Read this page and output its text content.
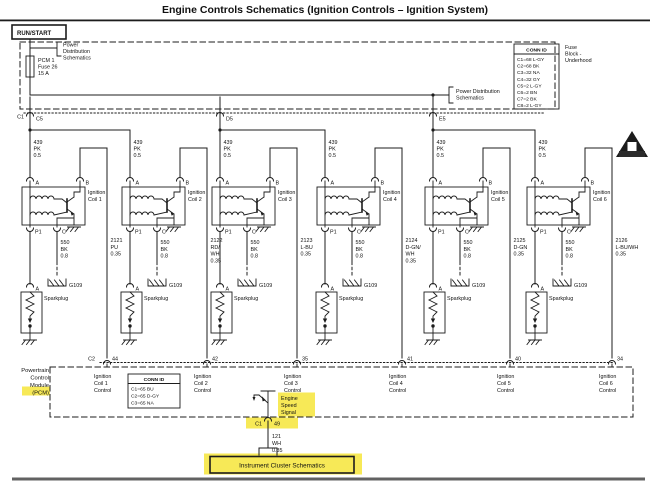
Engine Controls Schematics (Ignition Controls – Ignition System)
RUN/START
Power
Distribution
Schematics
PCM 1
Fuse 26
15 A
Power Distribution
Schematics
CONN ID
C1=68 L-GY
C2=68 BK
C3=32 NA
C4=32 GY
C5=2 L-GY
C6=2 BN
C7=2 BK
C8=2 L-GY
Fuse
Block -
Underhood
C1 C5	D5	E5
439
PK
0.5
A	B
Ignition
Coil 1
P1	C
550
BK
0.8
G109
A
Sparkplug
2121
PU
0.35
44
Ignition
Coil 1
Control
439
PK
0.5
A	B
Ignition
Coil 2
P1	C
550
BK
0.8
G109
A
Sparkplug
2122
RD/
WH
0.35
42
Ignition
Coil 2
Control
439
PK
0.5
A	B
Ignition
Coil 3
P1	C
550
BK
0.8
G109
A
Sparkplug
2123
L-BU
0.35
35
Ignition
Coil 3
Control
439
PK
0.5
A	B
Ignition
Coil 4
P1	C
550
BK
0.8
G109
A
Sparkplug
2124
D-GN/
WH
0.35
41
Ignition
Coil 4
Control
439
PK
0.5
A	B
Ignition
Coil 5
P1	C
550
BK
0.8
G109
A
Sparkplug
2125
D-GN
0.35
40
Ignition
Coil 5
Control
439
PK
0.5
A	B
Ignition
Coil 6
P1	C
550
BK
0.8
G109
A
Sparkplug
2126
L-BU/WH
0.35
34
Ignition
Coil 6
Control
C2
Powertrain
Control
Module
(PCM)
CONN ID
C1=65 BU
C2=65 D-GY
C3=65 NA
Engine
Speed
Signal
C1 49
121
WH
0.35
Instrument Cluster Schematics
